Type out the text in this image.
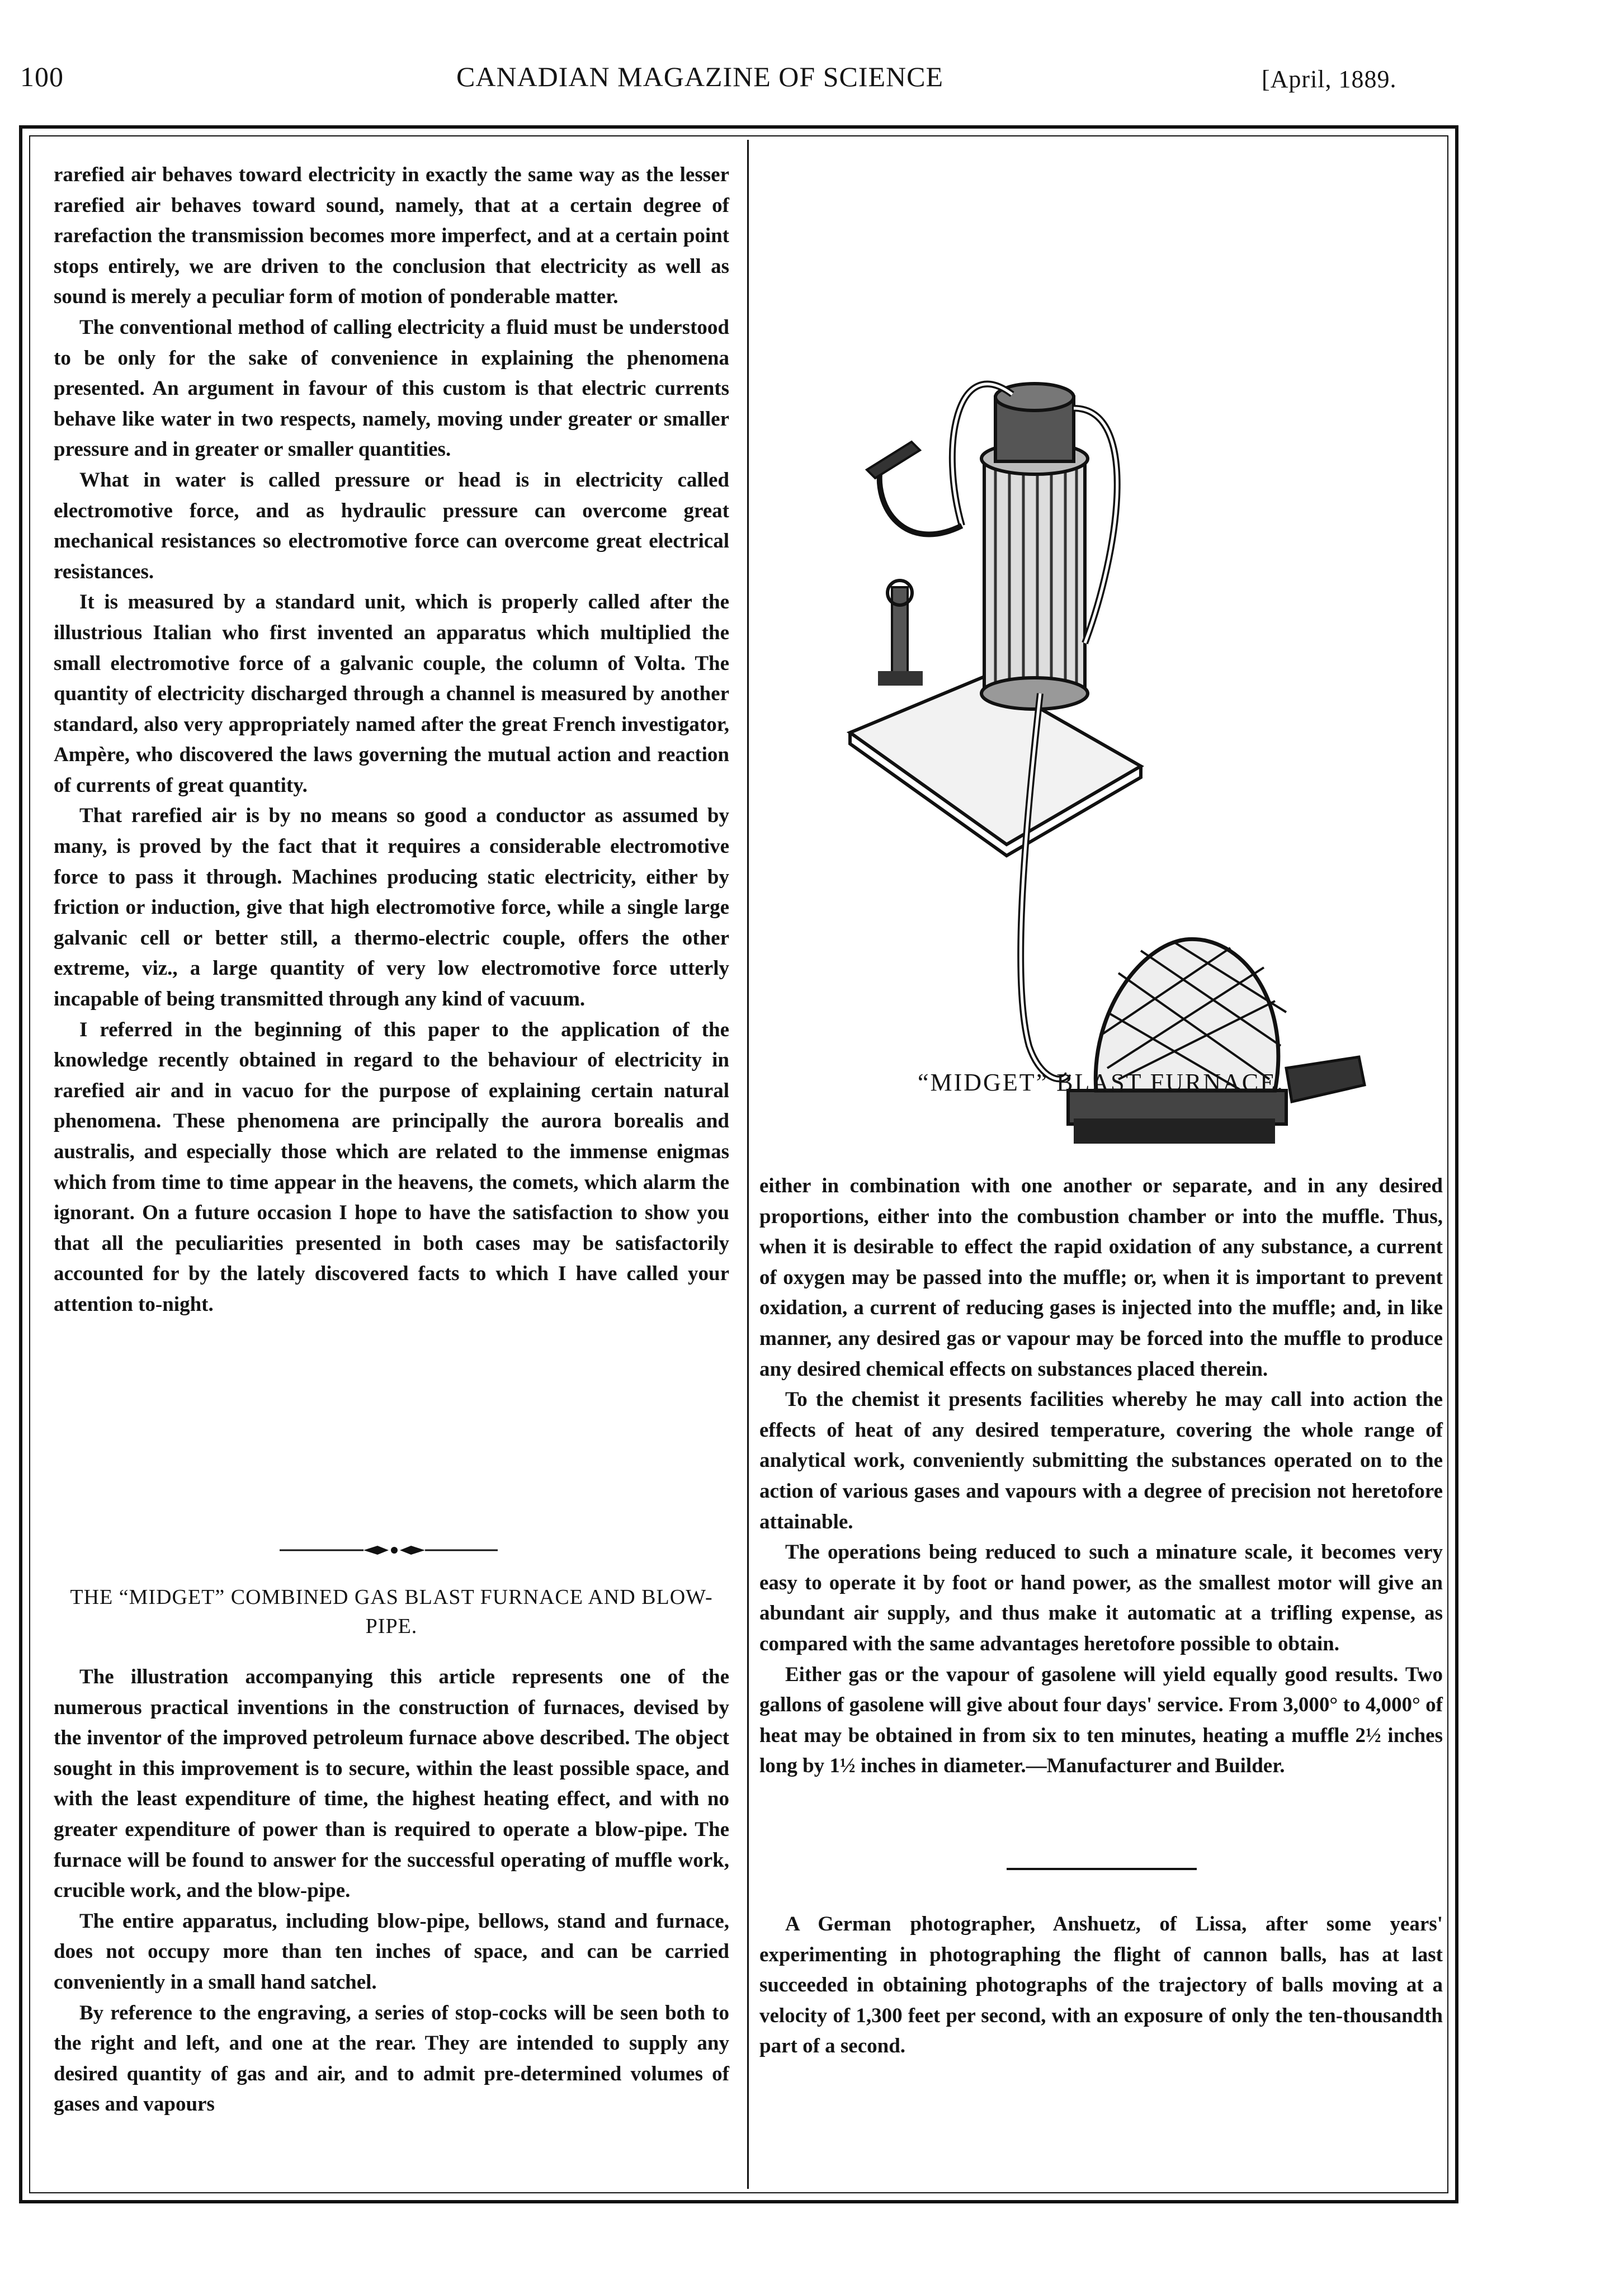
100	CANADIAN MAGAZINE OF SCIENCE	[April, 1889.

rarefied air behaves toward electricity in exactly the same way as the lesser rarefied air behaves toward sound, namely, that at a certain degree of rarefaction the transmission becomes more imperfect, and at a certain point stops entirely, we are driven to the conclusion that electricity as well as sound is merely a peculiar form of motion of ponderable matter.

The conventional method of calling electricity a fluid must be understood to be only for the sake of convenience in explaining the phenomena presented. An argument in favour of this custom is that electric currents behave like water in two respects, namely, moving under greater or smaller pressure and in greater or smaller quantities.

What in water is called pressure or head is in electricity called electromotive force, and as hydraulic pressure can overcome great mechanical resistances so electromotive force can overcome great electrical resistances.

It is measured by a standard unit, which is properly called after the illustrious Italian who first invented an apparatus which multiplied the small electromotive force of a galvanic couple, the column of Volta. The quantity of electricity discharged through a channel is measured by another standard, also very appropriately named after the great French investigator, Ampère, who discovered the laws governing the mutual action and reaction of currents of great quantity.

That rarefied air is by no means so good a conductor as assumed by many, is proved by the fact that it requires a considerable electromotive force to pass it through. Machines producing static electricity, either by friction or induction, give that high electromotive force, while a single large galvanic cell or better still, a thermo-electric couple, offers the other extreme, viz., a large quantity of very low electromotive force utterly incapable of being transmitted through any kind of vacuum.

I referred in the beginning of this paper to the application of the knowledge recently obtained in regard to the behaviour of electricity in rarefied air and in vacuo for the purpose of explaining certain natural phenomena. These phenomena are principally the aurora borealis and australis, and especially those which are related to the immense enigmas which from time to time appear in the heavens, the comets, which alarm the ignorant. On a future occasion I hope to have the satisfaction to show you that all the peculiarities presented in both cases may be satisfactorily accounted for by the lately discovered facts to which I have called your attention to-night.

THE “MIDGET” COMBINED GAS BLAST FURNACE AND BLOW-PIPE.

The illustration accompanying this article represents one of the numerous practical inventions in the construction of furnaces, devised by the inventor of the improved petroleum furnace above described. The object sought in this improvement is to secure, within the least possible space, and with the least expenditure of time, the highest heating effect, and with no greater expenditure of power than is required to operate a blow-pipe. The furnace will be found to answer for the successful operating of muffle work, crucible work, and the blow-pipe.

The entire apparatus, including blow-pipe, bellows, stand and furnace, does not occupy more than ten inches of space, and can be carried conveniently in a small hand satchel.

By reference to the engraving, a series of stop-cocks will be seen both to the right and left, and one at the rear. They are intended to supply any desired quantity of gas and air, and to admit pre-determined volumes of gases and vapours

“MIDGET” BLAST FURNACE.

either in combination with one another or separate, and in any desired proportions, either into the combustion chamber or into the muffle. Thus, when it is desirable to effect the rapid oxidation of any substance, a current of oxygen may be passed into the muffle; or, when it is important to prevent oxidation, a current of reducing gases is injected into the muffle; and, in like manner, any desired gas or vapour may be forced into the muffle to produce any desired chemical effects on substances placed therein.

To the chemist it presents facilities whereby he may call into action the effects of heat of any desired temperature, covering the whole range of analytical work, conveniently submitting the substances operated on to the action of various gases and vapours with a degree of precision not heretofore attainable.

The operations being reduced to such a minature scale, it becomes very easy to operate it by foot or hand power, as the smallest motor will give an abundant air supply, and thus make it automatic at a trifling expense, as compared with the same advantages heretofore possible to obtain.

Either gas or the vapour of gasolene will yield equally good results. Two gallons of gasolene will give about four days' service. From 3,000° to 4,000° of heat may be obtained in from six to ten minutes, heating a muffle 2½ inches long by 1½ inches in diameter.—Manufacturer and Builder.

A German photographer, Anshuetz, of Lissa, after some years' experimenting in photographing the flight of cannon balls, has at last succeeded in obtaining photographs of the trajectory of balls moving at a velocity of 1,300 feet per second, with an exposure of only the ten-thousandth part of a second.
